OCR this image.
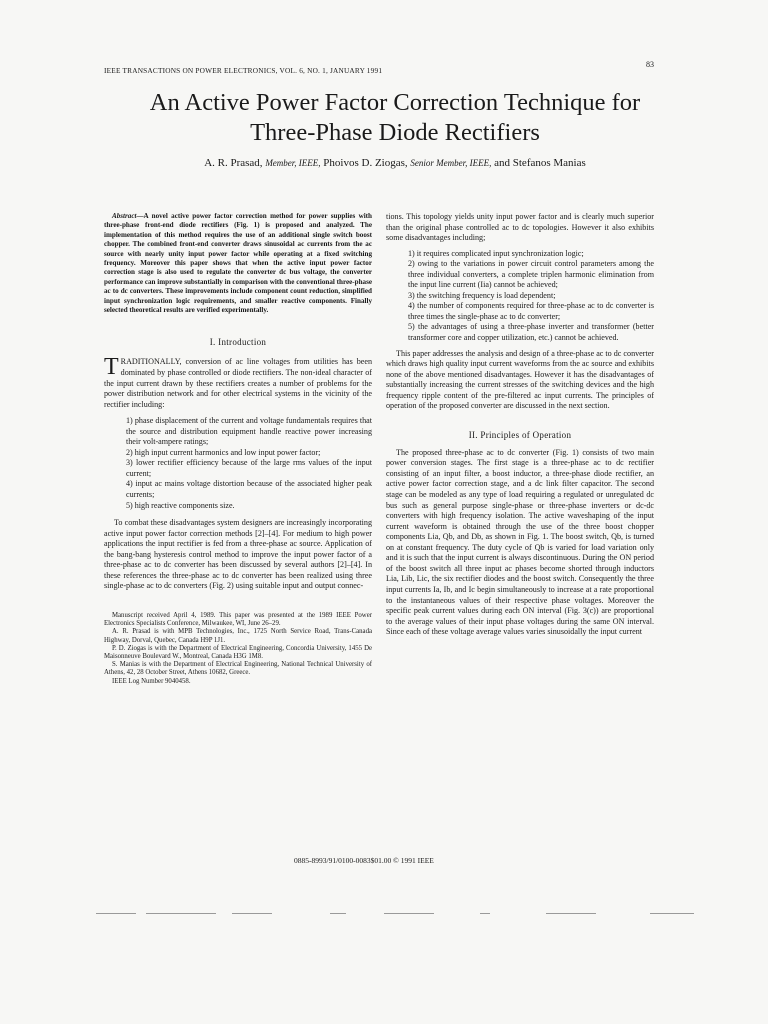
IEEE TRANSACTIONS ON POWER ELECTRONICS, VOL. 6, NO. 1, JANUARY 1991
83
An Active Power Factor Correction Technique for
Three-Phase Diode Rectifiers
A. R. Prasad, Member, IEEE, Phoivos D. Ziogas, Senior Member, IEEE, and Stefanos Manias

Abstract—A novel active power factor correction method for power supplies with three-phase front-end diode rectifiers (Fig. 1) is proposed and analyzed. The implementation of this method requires the use of an additional single switch boost chopper. The combined front-end converter draws sinusoidal ac currents from the ac source with nearly unity input power factor while operating at a fixed switching frequency. Moreover this paper shows that when the active input power factor correction stage is also used to regulate the converter dc bus voltage, the converter performance can improve substantially in comparison with the conventional three-phase ac to dc converters. These improvements include component count reduction, simplified input synchronization logic requirements, and smaller reactive components. Finally selected theoretical results are verified experimentally.

I. Introduction

TRADITIONALLY, conversion of ac line voltages from utilities has been dominated by phase controlled or diode rectifiers. The non-ideal character of the input current drawn by these rectifiers creates a number of problems for the power distribution network and for other electrical systems in the vicinity of the rectifier including:

1) phase displacement of the current and voltage fundamentals requires that the source and distribution equipment handle reactive power increasing their volt-ampere ratings;
2) high input current harmonics and low input power factor;
3) lower rectifier efficiency because of the large rms values of the input current;
4) input ac mains voltage distortion because of the associated higher peak currents;
5) high reactive components size.

To combat these disadvantages system designers are increasingly incorporating active input power factor correction methods [2]–[4]. For medium to high power applications the input rectifier is fed from a three-phase ac source. Application of the bang-bang hysteresis control method to improve the input power factor of a three-phase ac to dc converter has been discussed by several authors [2]–[4]. In these references the three-phase ac to dc converter has been realized using three single-phase ac to dc converters (Fig. 2) using suitable input and output connec-

Manuscript received April 4, 1989. This paper was presented at the 1989 IEEE Power Electronics Specialists Conference, Milwaukee, WI, June 26–29.

A. R. Prasad is with MPB Technologies, Inc., 1725 North Service Road, Trans-Canada Highway, Dorval, Quebec, Canada H9P 1J1.

P. D. Ziogas is with the Department of Electrical Engineering, Concordia University, 1455 De Maisonneuve Boulevard W., Montreal, Canada H3G 1M8.

S. Manias is with the Department of Electrical Engineering, National Technical University of Athens, 42, 28 October Street, Athens 10682, Greece.

IEEE Log Number 9040458.

tions. This topology yields unity input power factor and is clearly much superior than the original phase controlled ac to dc topologies. However it also exhibits some disadvantages including;

1) it requires complicated input synchronization logic;
2) owing to the variations in power circuit control parameters among the three individual converters, a complete triplen harmonic elimination from the input line current (Iia) cannot be achieved;
3) the switching frequency is load dependent;
4) the number of components required for three-phase ac to dc converter is three times the single-phase ac to dc converter;
5) the advantages of using a three-phase inverter and transformer (better transformer core and copper utilization, etc.) cannot be achieved.

This paper addresses the analysis and design of a three-phase ac to dc converter which draws high quality input current waveforms from the ac source and exhibits none of the above mentioned disadvantages. However it has the disadvantages of substantially increasing the current stresses of the switching devices and the high frequency ripple content of the pre-filtered ac input currents. The principles of operation of the proposed converter are discussed in the next section.

II. Principles of Operation

The proposed three-phase ac to dc converter (Fig. 1) consists of two main power conversion stages. The first stage is a three-phase ac to dc rectifier consisting of an input filter, a boost inductor, a three-phase diode rectifier, an active power factor correction stage, and a dc link filter capacitor. The second stage can be modeled as any type of load requiring a regulated or unregulated dc bus such as general purpose single-phase or three-phase inverters or dc-dc converters with high frequency isolation. The active waveshaping of the input current waveform is obtained through the use of the three boost chopper components Lia, Qb, and Db, as shown in Fig. 1. The boost switch, Qb, is turned on at constant frequency. The duty cycle of Qb is varied for load variation only and it is such that the input current is always discontinuous. During the ON period of the boost switch all three input ac phases become shorted through inductors Lia, Lib, Lic, the six rectifier diodes and the boost switch. Consequently the three input currents Ia, Ib, and Ic begin simultaneously to increase at a rate proportional to the instantaneous values of their respective phase voltages. Moreover the specific peak current values during each ON interval (Fig. 3(c)) are proportional to the average values of their input phase voltages during the same ON interval. Since each of these voltage average values varies sinusoidally the input current

0885-8993/91/0100-0083$01.00 © 1991 IEEE
